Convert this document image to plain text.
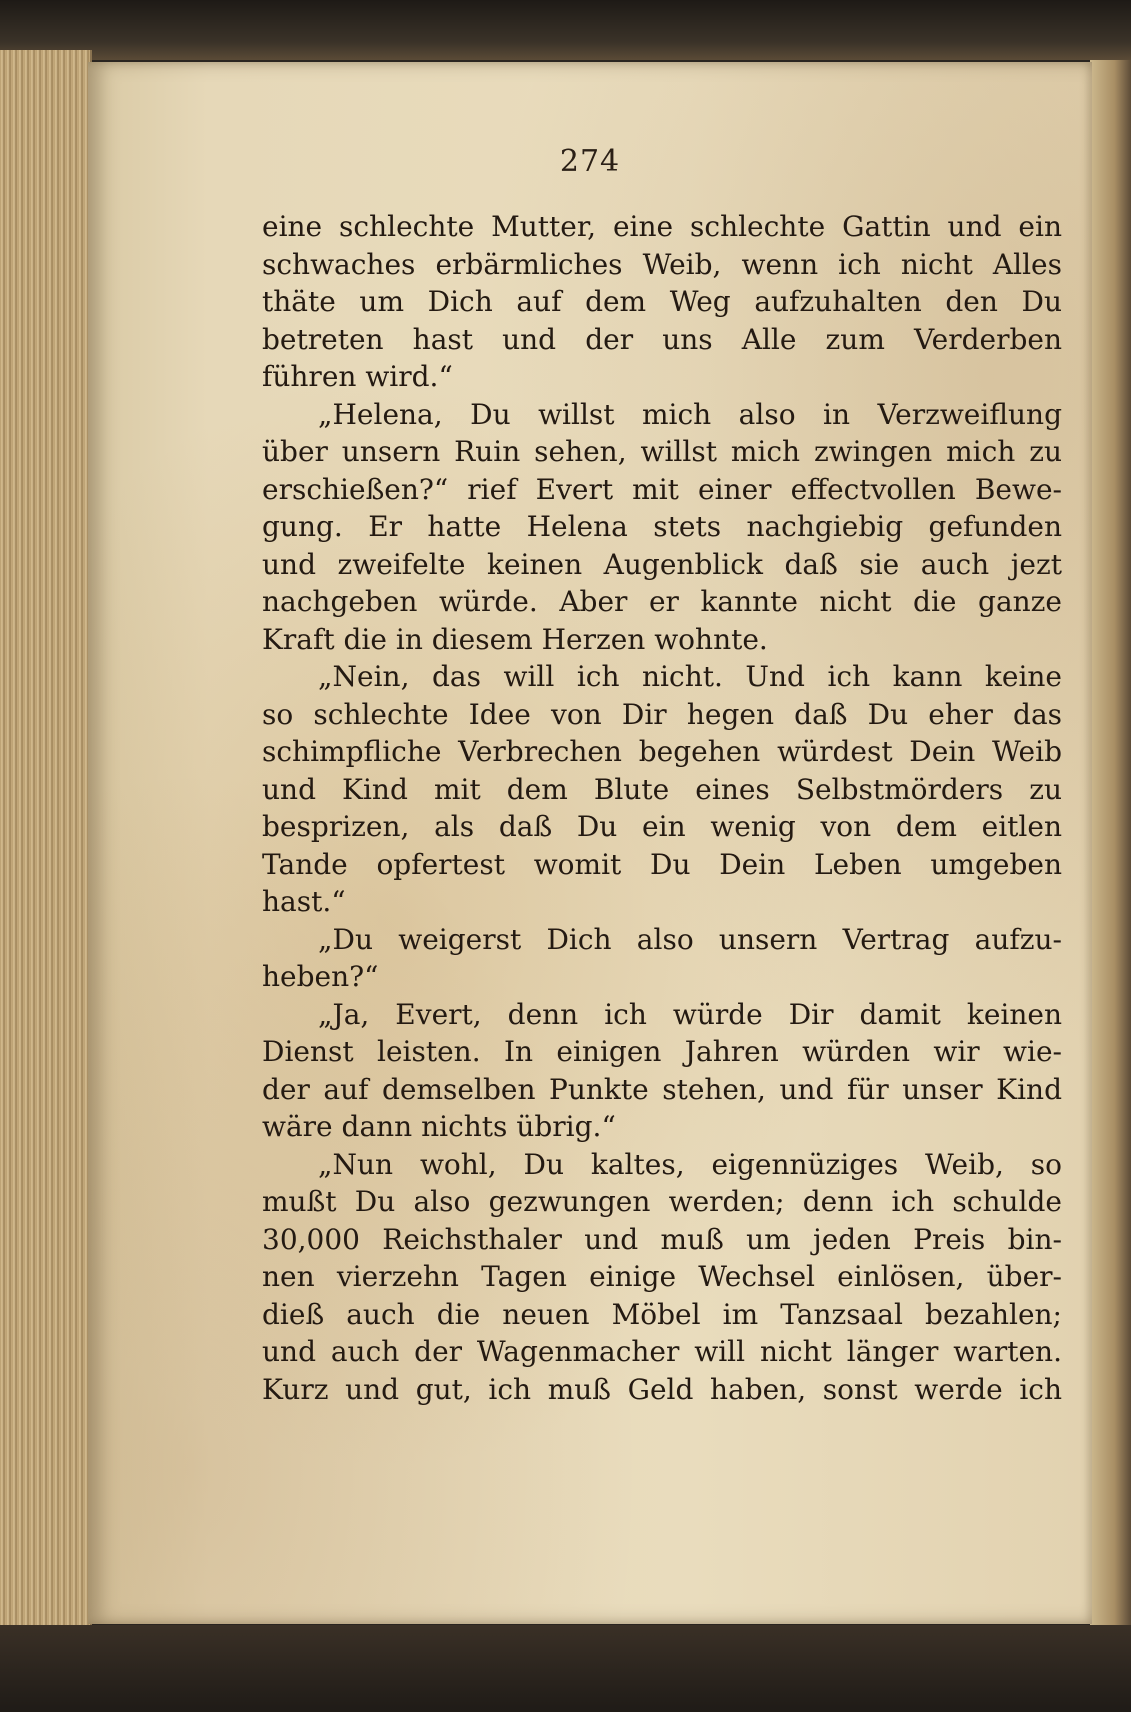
274
eine schlechte Mutter, eine schlechte Gattin und ein
schwaches erbärmliches Weib, wenn ich nicht Alles
thäte um Dich auf dem Weg aufzuhalten den Du
betreten hast und der uns Alle zum Verderben
führen wird.“
„Helena, Du willst mich also in Verzweiflung
über unsern Ruin sehen, willst mich zwingen mich zu
erschießen?“ rief Evert mit einer effectvollen Bewe-
gung. Er hatte Helena stets nachgiebig gefunden
und zweifelte keinen Augenblick daß sie auch jezt
nachgeben würde. Aber er kannte nicht die ganze
Kraft die in diesem Herzen wohnte.
„Nein, das will ich nicht. Und ich kann keine
so schlechte Idee von Dir hegen daß Du eher das
schimpfliche Verbrechen begehen würdest Dein Weib
und Kind mit dem Blute eines Selbstmörders zu
besprizen, als daß Du ein wenig von dem eitlen
Tande opfertest womit Du Dein Leben umgeben
hast.“
„Du weigerst Dich also unsern Vertrag aufzu-
heben?“
„Ja, Evert, denn ich würde Dir damit keinen
Dienst leisten. In einigen Jahren würden wir wie-
der auf demselben Punkte stehen, und für unser Kind
wäre dann nichts übrig.“
„Nun wohl, Du kaltes, eigennüziges Weib, so
mußt Du also gezwungen werden; denn ich schulde
30,000 Reichsthaler und muß um jeden Preis bin-
nen vierzehn Tagen einige Wechsel einlösen, über-
dieß auch die neuen Möbel im Tanzsaal bezahlen;
und auch der Wagenmacher will nicht länger warten.
Kurz und gut, ich muß Geld haben, sonst werde ich
